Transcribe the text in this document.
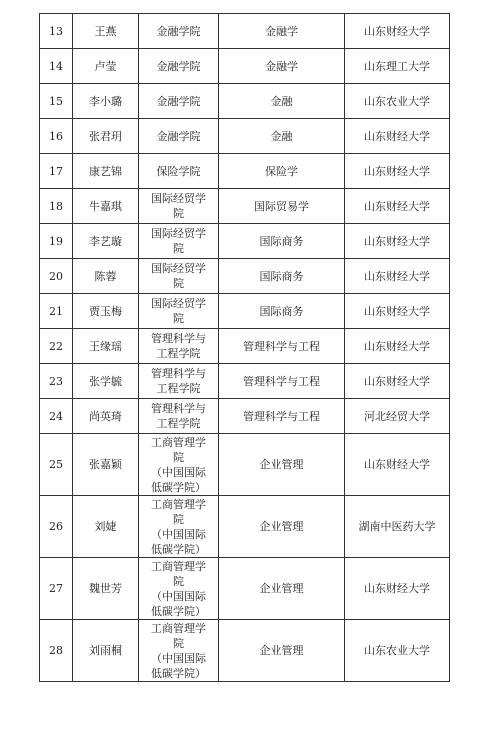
13	王燕	金融学院	金融学	山东财经大学
14	卢莹	金融学院	金融学	山东理工大学
15	李小璐	金融学院	金融	山东农业大学
16	张君玥	金融学院	金融	山东财经大学
17	康艺锦	保险学院	保险学	山东财经大学
18	牛嘉琪	国际经贸学
院	国际贸易学	山东财经大学
19	李艺璇	国际经贸学
院	国际商务	山东财经大学
20	陈蓉	国际经贸学
院	国际商务	山东财经大学
21	贾玉梅	国际经贸学
院	国际商务	山东财经大学
22	王缘瑶	管理科学与
工程学院	管理科学与工程	山东财经大学
23	张学毓	管理科学与
工程学院	管理科学与工程	山东财经大学
24	尚英琦	管理科学与
工程学院	管理科学与工程	河北经贸大学
25	张嘉颖	工商管理学
院
（中国国际
低碳学院）	企业管理	山东财经大学
26	刘婕	工商管理学
院
（中国国际
低碳学院）	企业管理	湖南中医药大学
27	魏世芳	工商管理学
院
（中国国际
低碳学院）	企业管理	山东财经大学
28	刘雨桐	工商管理学
院
（中国国际
低碳学院）	企业管理	山东农业大学
